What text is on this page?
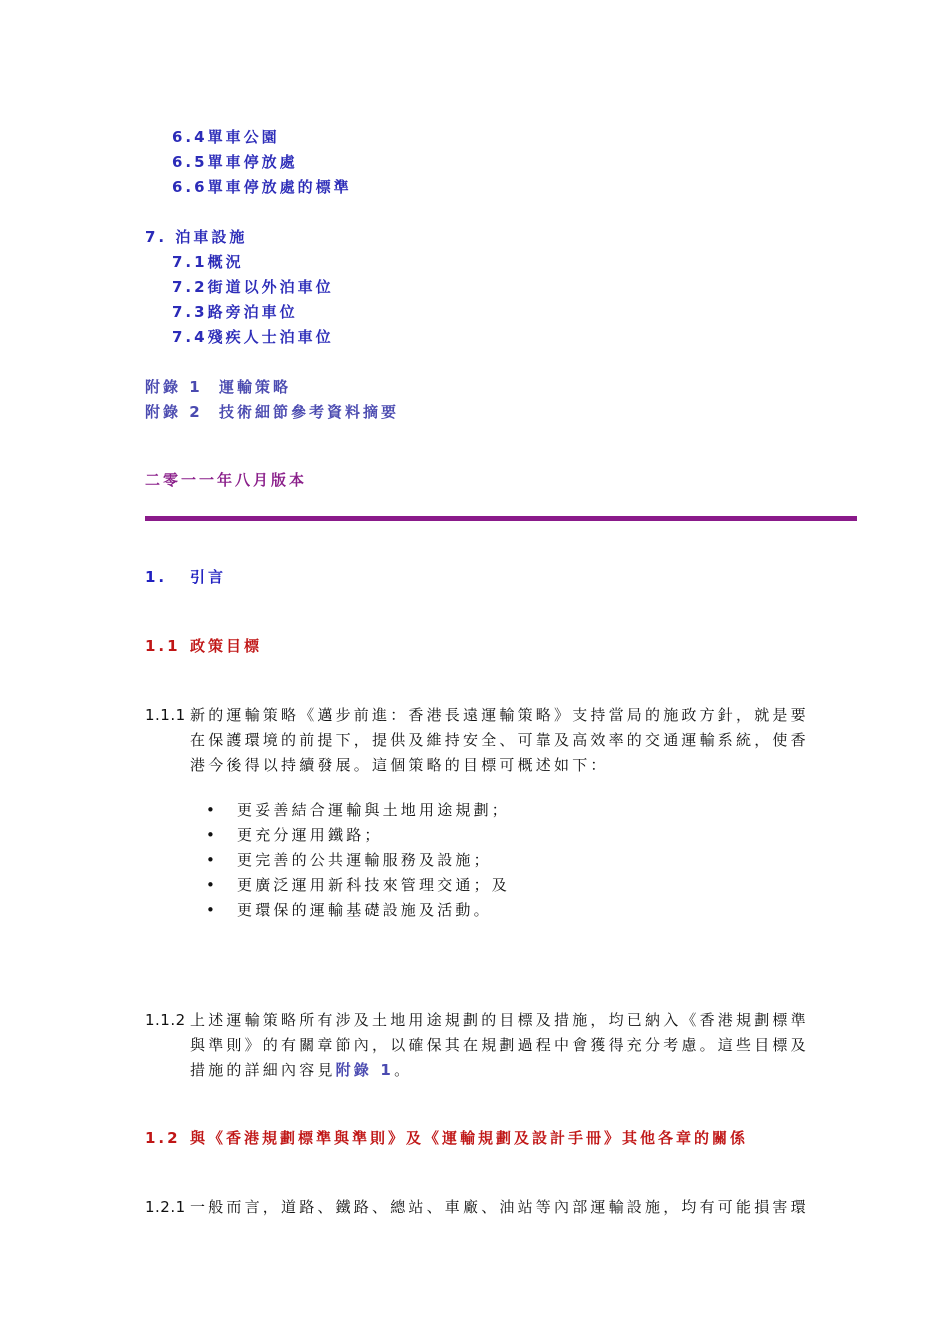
6.4單車公園
6.5單車停放處
6.6單車停放處的標準
7. 泊車設施
7.1概況
7.2街道以外泊車位
7.3路旁泊車位
7.4殘疾人士泊車位
附錄 1 運輸策略
附錄 2 技術細節參考資料摘要
二零一一年八月版本
1. 引言
1.1 政策目標
1.1.1 新的運輸策略《邁步前進：香港長遠運輸策略》支持當局的施政方針，就是要
在保護環境的前提下，提供及維持安全、可靠及高效率的交通運輸系統，使香
港今後得以持續發展。這個策略的目標可概述如下：
• 更妥善結合運輸與土地用途規劃；
• 更充分運用鐵路；
• 更完善的公共運輸服務及設施；
• 更廣泛運用新科技來管理交通；及
• 更環保的運輸基礎設施及活動。
1.1.2 上述運輸策略所有涉及土地用途規劃的目標及措施，均已納入《香港規劃標準
與準則》的有關章節內，以確保其在規劃過程中會獲得充分考慮。這些目標及
措施的詳細內容見附錄 1。
1.2 與《香港規劃標準與準則》及《運輸規劃及設計手冊》其他各章的關係
1.2.1 一般而言，道路、鐵路、總站、車廠、油站等內部運輸設施，均有可能損害環
